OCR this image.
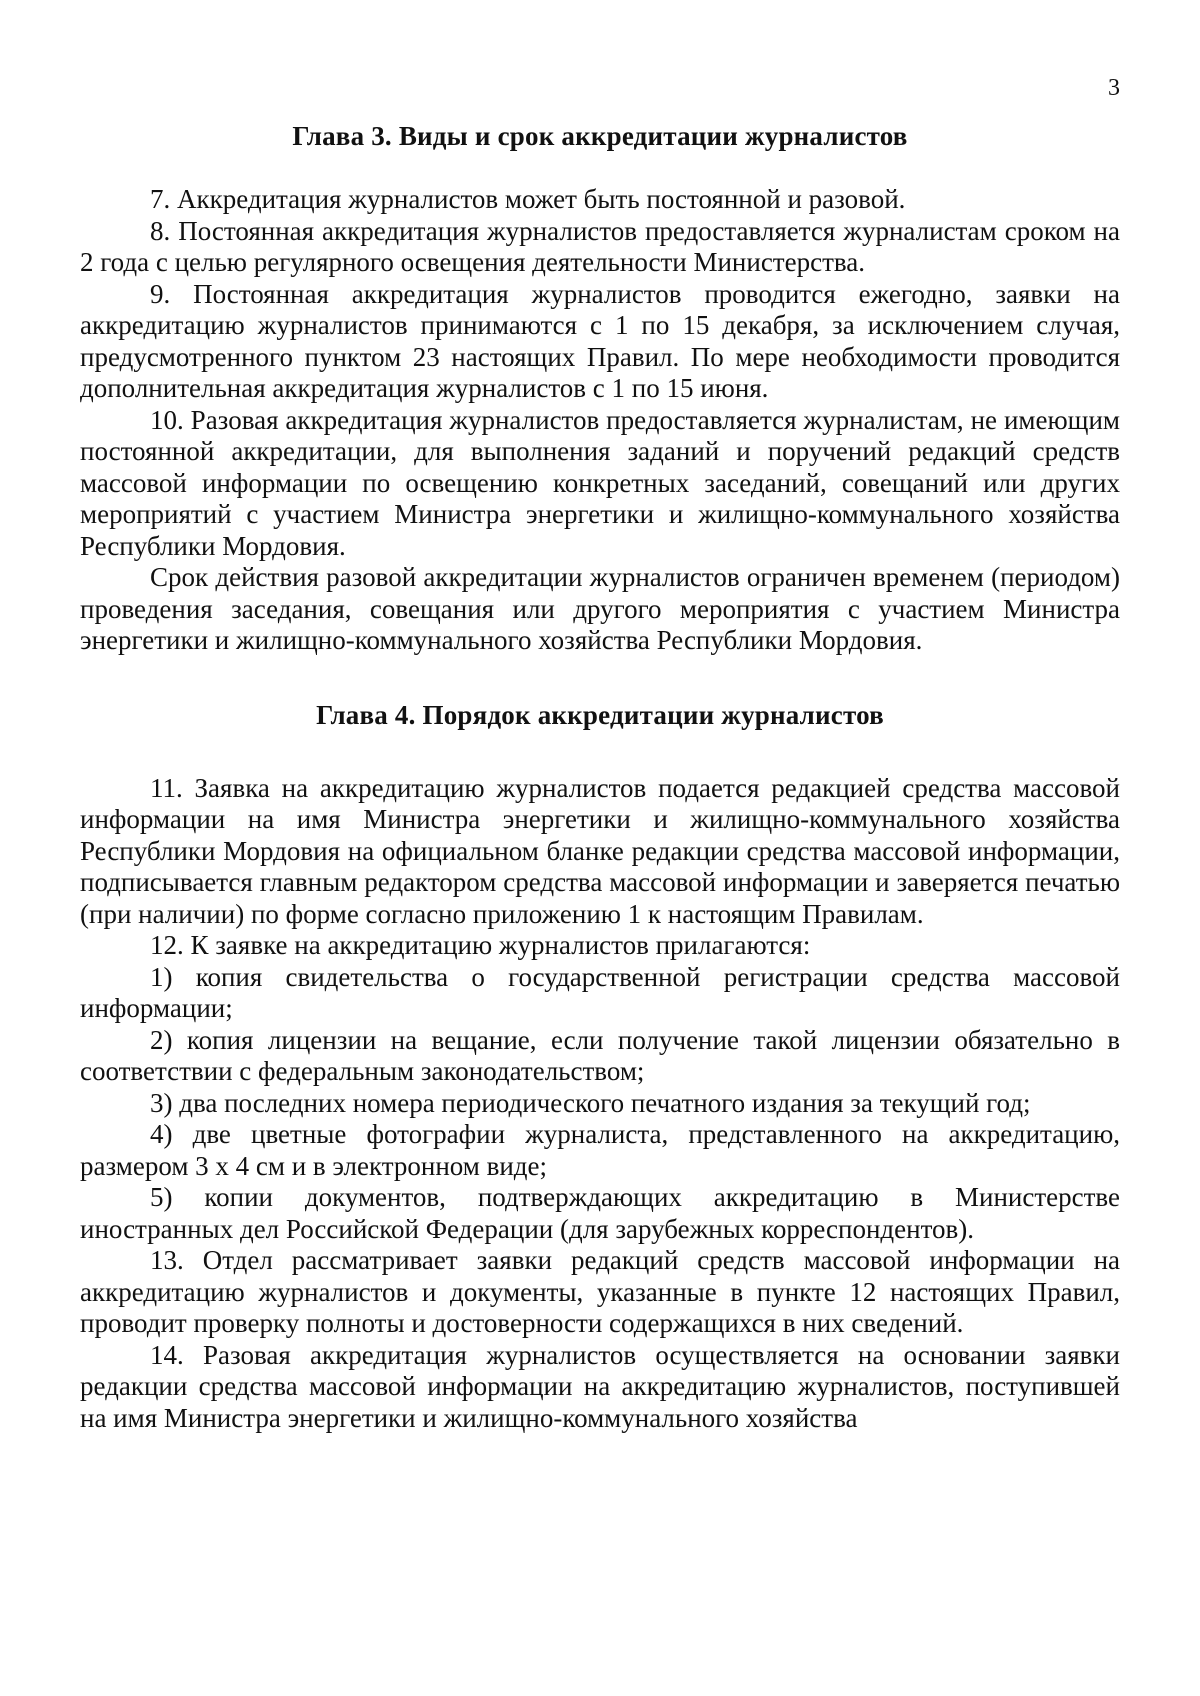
3
Глава 3. Виды и срок аккредитации журналистов

7. Аккредитация журналистов может быть постоянной и разовой.

8. Постоянная аккредитация журналистов предоставляется журналистам сроком на 2 года с целью регулярного освещения деятельности Министерства.

9. Постоянная аккредитация журналистов проводится ежегодно, заявки на аккредитацию журналистов принимаются с 1 по 15 декабря, за исключением случая, предусмотренного пунктом 23 настоящих Правил. По мере необходимости проводится дополнительная аккредитация журналистов с 1 по 15 июня.

10. Разовая аккредитация журналистов предоставляется журналистам, не имеющим постоянной аккредитации, для выполнения заданий и поручений редакций средств массовой информации по освещению конкретных заседаний, совещаний или других мероприятий с участием Министра энергетики и жилищно-коммунального хозяйства Республики Мордовия.

Срок действия разовой аккредитации журналистов ограничен временем (периодом) проведения заседания, совещания или другого мероприятия с участием Министра энергетики и жилищно-коммунального хозяйства Республики Мордовия.

Глава 4. Порядок аккредитации журналистов

11. Заявка на аккредитацию журналистов подается редакцией средства массовой информации на имя Министра энергетики и жилищно-коммунального хозяйства Республики Мордовия на официальном бланке редакции средства массовой информации, подписывается главным редактором средства массовой информации и заверяется печатью (при наличии) по форме согласно приложению 1 к настоящим Правилам.

12. К заявке на аккредитацию журналистов прилагаются:

1) копия свидетельства о государственной регистрации средства массовой информации;

2) копия лицензии на вещание, если получение такой лицензии обязательно в соответствии с федеральным законодательством;

3) два последних номера периодического печатного издания за текущий год;

4) две цветные фотографии журналиста, представленного на аккредитацию, размером 3 x 4 см и в электронном виде;

5) копии документов, подтверждающих аккредитацию в Министерстве иностранных дел Российской Федерации (для зарубежных корреспондентов).

13. Отдел рассматривает заявки редакций средств массовой информации на аккредитацию журналистов и документы, указанные в пункте 12 настоящих Правил, проводит проверку полноты и достоверности содержащихся в них сведений.

14. Разовая аккредитация журналистов осуществляется на основании заявки редакции средства массовой информации на аккредитацию журналистов, поступившей на имя Министра энергетики и жилищно-коммунального хозяйства
